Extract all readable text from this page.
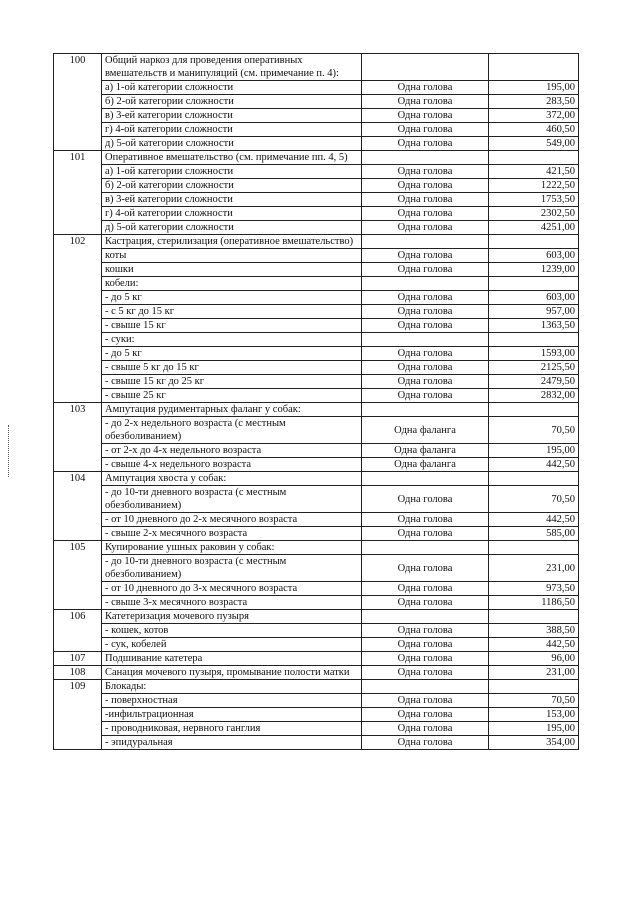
100	Общий наркоз для проведения оперативных вмешательств и манипуляций (см. примечание п. 4):		
	а) 1-ой категории сложности	Одна голова	195,00
	б) 2-ой категории сложности	Одна голова	283,50
	в) 3-ей категории сложности	Одна голова	372,00
	г) 4-ой категории сложности	Одна голова	460,50
	д) 5-ой категории сложности	Одна голова	549,00
101	Оперативное вмешательство (см. примечание пп. 4, 5)		
	а) 1-ой категории сложности	Одна голова	421,50
	б) 2-ой категории сложности	Одна голова	1222,50
	в) 3-ей категории сложности	Одна голова	1753,50
	г) 4-ой категории сложности	Одна голова	2302,50
	д) 5-ой категории сложности	Одна голова	4251,00
102	Кастрация, стерилизация (оперативное вмешательство)		
	коты	Одна голова	603,00
	кошки	Одна голова	1239,00
	кобели:		
	- до 5 кг	Одна голова	603,00
	- с 5 кг до 15 кг	Одна голова	957,00
	- свыше 15 кг	Одна голова	1363,50
	- суки:		
	- до 5 кг	Одна голова	1593,00
	- свыше 5 кг до 15 кг	Одна голова	2125,50
	- свыше 15 кг до 25 кг	Одна голова	2479,50
	- свыше 25 кг	Одна голова	2832,00
103	Ампутация рудиментарных фаланг у собак:		
	- до 2-х недельного возраста (с местным обезболиванием)	Одна фаланга	70,50
	- от 2-х до 4-х недельного возраста	Одна фаланга	195,00
	- свыше 4-х недельного возраста	Одна фаланга	442,50
104	Ампутация хвоста у собак:		
	- до 10-ти дневного возраста (с местным обезболиванием)	Одна голова	70,50
	- от 10 дневного до 2-х месячного возраста	Одна голова	442,50
	- свыше 2-х месячного возраста	Одна голова	585,00
105	Купирование ушных раковин у собак:		
	- до 10-ти дневного возраста (с местным обезболиванием)	Одна голова	231,00
	- от 10 дневного до 3-х месячного возраста	Одна голова	973,50
	- свыше 3-х месячного возраста	Одна голова	1186,50
106	Катетеризация мочевого пузыря		
	- кошек, котов	Одна голова	388,50
	- сук, кобелей	Одна голова	442,50
107	Подшивание катетера	Одна голова	96,00
108	Санация мочевого пузыря, промывание полости матки	Одна голова	231,00
109	Блокады:		
	- поверхностная	Одна голова	70,50
	-инфильтрационная	Одна голова	153,00
	- проводниковая, нервного ганглия	Одна голова	195,00
	- эпидуральная	Одна голова	354,00
